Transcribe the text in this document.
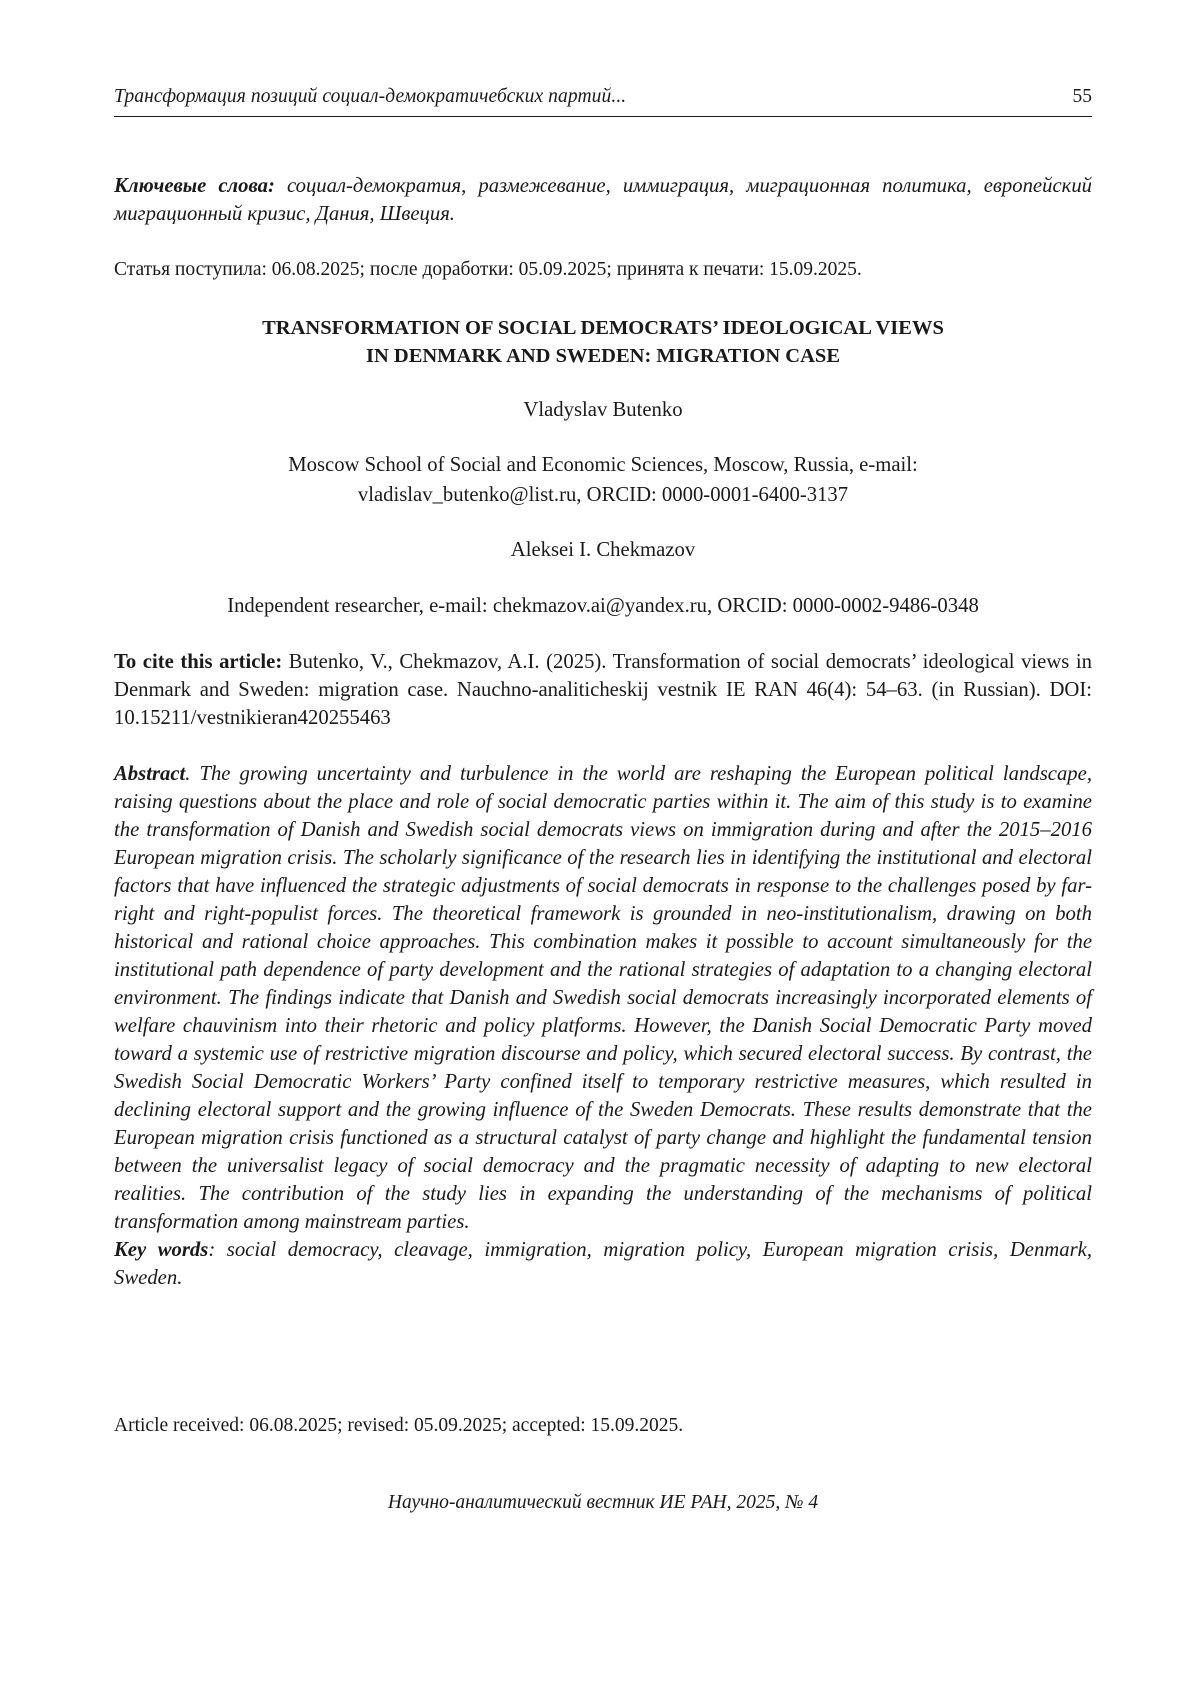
Трансформация позиций социал-демократичебских партий...	55
Ключевые слова: социал-демократия, размежевание, иммиграция, миграционная политика, европейский миграционный кризис, Дания, Швеция.
Статья поступила: 06.08.2025; после доработки: 05.09.2025; принята к печати: 15.09.2025.
TRANSFORMATION OF SOCIAL DEMOCRATS’ IDEOLOGICAL VIEWS
IN DENMARK AND SWEDEN: MIGRATION CASE
Vladyslav Butenko
Moscow School of Social and Economic Sciences, Moscow, Russia, e-mail:
vladislav_butenko@list.ru, ORCID: 0000-0001-6400-3137
Aleksei I. Chekmazov
Independent researcher, e-mail: chekmazov.ai@yandex.ru, ORCID: 0000-0002-9486-0348
To cite this article: Butenko, V., Chekmazov, A.I. (2025). Transformation of social democrats’ ideological views in Denmark and Sweden: migration case. Nauchno-analiticheskij vestnik IE RAN 46(4): 54–63. (in Russian). DOI: 10.15211/vestnikieran420255463
Abstract. The growing uncertainty and turbulence in the world are reshaping the European political landscape, raising questions about the place and role of social democratic parties within it. The aim of this study is to examine the transformation of Danish and Swedish social democrats views on immigration during and after the 2015–2016 European migration crisis. The scholarly significance of the research lies in identifying the institutional and electoral factors that have influenced the strategic adjustments of social democrats in response to the challenges posed by far-right and right-populist forces. The theoretical framework is grounded in neo-institutionalism, drawing on both historical and rational choice approaches. This combination makes it possible to account simultaneously for the institutional path dependence of party development and the rational strategies of adaptation to a changing electoral environment. The findings indicate that Danish and Swedish social democrats increasingly incorporated elements of welfare chauvinism into their rhetoric and policy platforms. However, the Danish Social Democratic Party moved toward a systemic use of restrictive migration discourse and policy, which secured electoral success. By contrast, the Swedish Social Democratic Workers’ Party confined itself to temporary restrictive measures, which resulted in declining electoral support and the growing influence of the Sweden Democrats. These results demonstrate that the European migration crisis functioned as a structural catalyst of party change and highlight the fundamental tension between the universalist legacy of social democracy and the pragmatic necessity of adapting to new electoral realities. The contribution of the study lies in expanding the understanding of the mechanisms of political transformation among mainstream parties.
Key words: social democracy, cleavage, immigration, migration policy, European migration crisis, Denmark, Sweden.
Article received: 06.08.2025; revised: 05.09.2025; accepted: 15.09.2025.
Научно-аналитический вестник ИЕ РАН, 2025, № 4
